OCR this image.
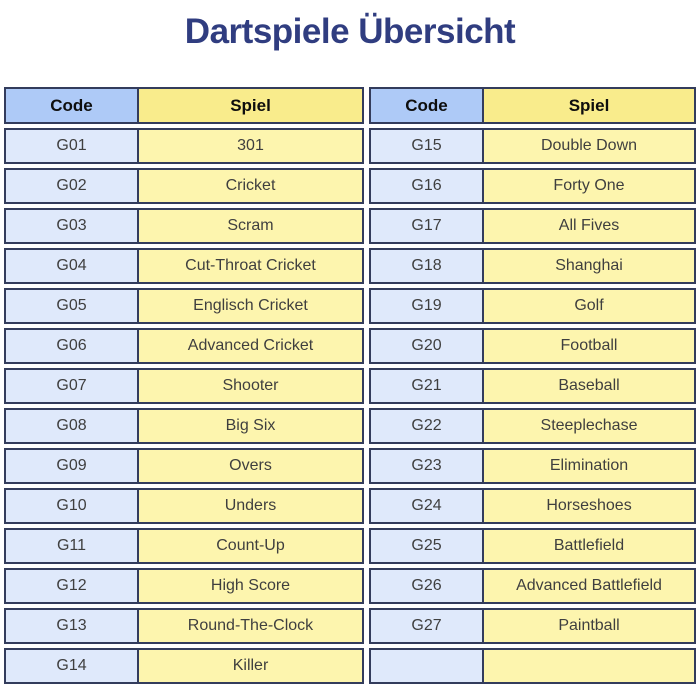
Dartspiele Übersicht
Code	Spiel	Code	Spiel
G01	301	G15	Double Down
G02	Cricket	G16	Forty One
G03	Scram	G17	All Fives
G04	Cut-Throat Cricket	G18	Shanghai
G05	Englisch Cricket	G19	Golf
G06	Advanced Cricket	G20	Football
G07	Shooter	G21	Baseball
G08	Big Six	G22	Steeplechase
G09	Overs	G23	Elimination
G10	Unders	G24	Horseshoes
G11	Count-Up	G25	Battlefield
G12	High Score	G26	Advanced Battlefield
G13	Round-The-Clock	G27	Paintball
G14	Killer
